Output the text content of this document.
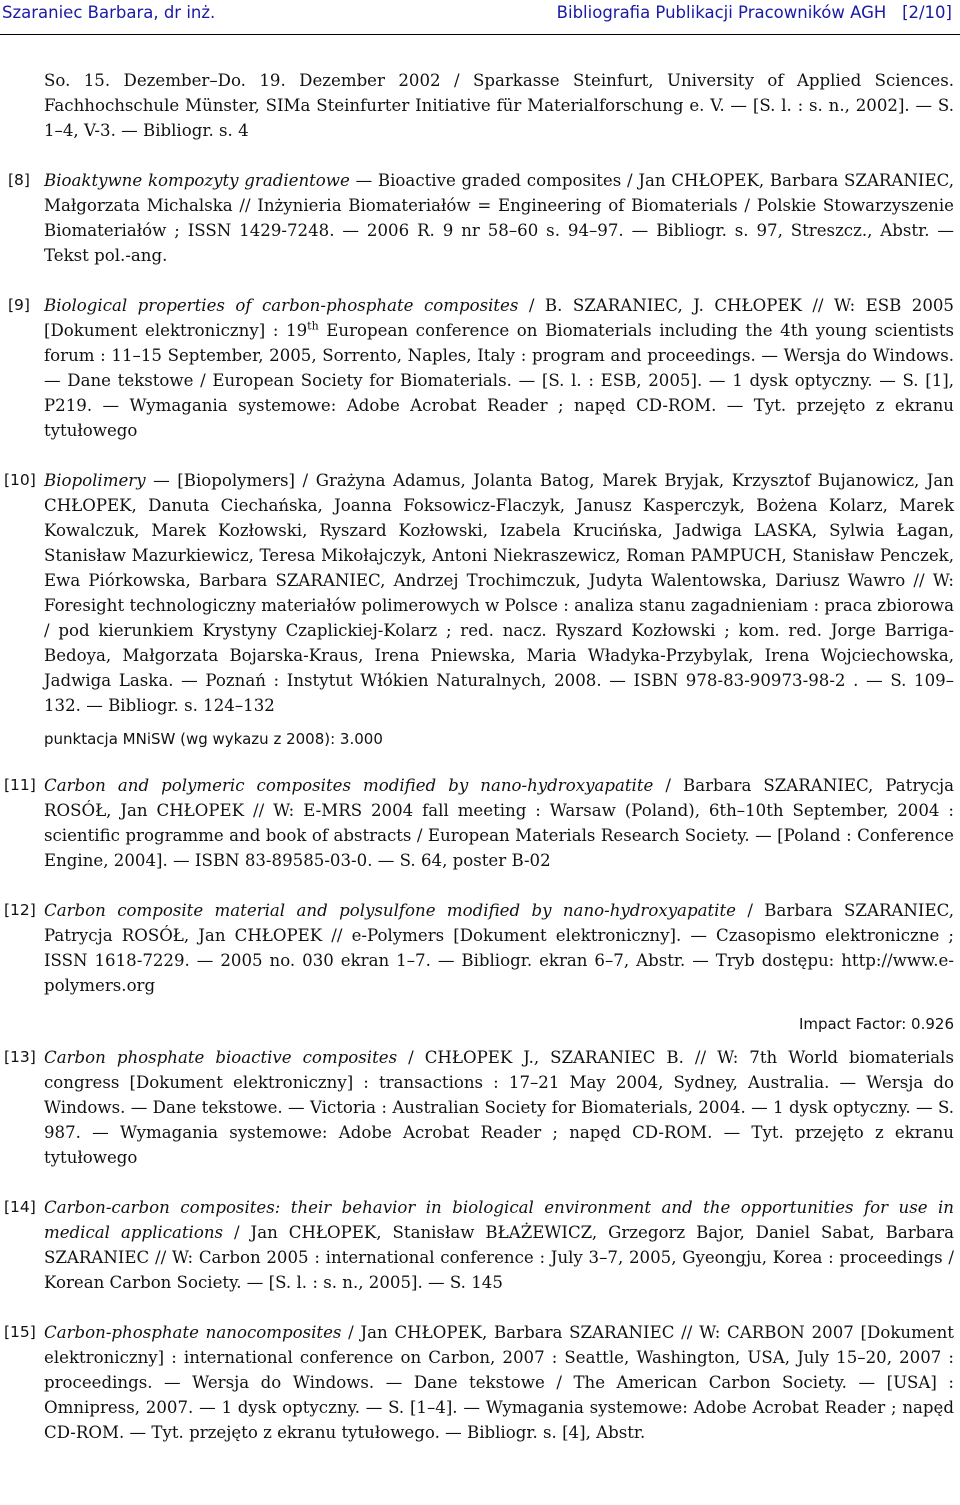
Szaraniec Barbara, dr inż.	Bibliografia Publikacji Pracowników AGH [2/10]
So. 15. Dezember–Do. 19. Dezember 2002 / Sparkasse Steinfurt, University of Applied Sciences. Fachhochschule Münster, SIMa Steinfurter Initiative für Materialforschung e. V. — [S. l. : s. n., 2002]. — S. 1–4, V-3. — Bibliogr. s. 4
[8] Bioaktywne kompozyty gradientowe — Bioactive graded composites / Jan CHŁOPEK, Barbara SZARANIEC, Małgorzata Michalska // Inżynieria Biomateriałów = Engineering of Biomaterials / Polskie Stowarzyszenie Biomateriałów ; ISSN 1429-7248. — 2006 R. 9 nr 58–60 s. 94–97. — Bibliogr. s. 97, Streszcz., Abstr. — Tekst pol.-ang.
[9] Biological properties of carbon-phosphate composites / B. SZARANIEC, J. CHŁOPEK // W: ESB 2005 [Dokument elektroniczny] : 19th European conference on Biomaterials including the 4th young scientists forum : 11–15 September, 2005, Sorrento, Naples, Italy : program and proceedings. — Wersja do Windows. — Dane tekstowe / European Society for Biomaterials. — [S. l. : ESB, 2005]. — 1 dysk optyczny. — S. [1], P219. — Wymagania systemowe: Adobe Acrobat Reader ; napęd CD-ROM. — Tyt. przejęto z ekranu tytułowego
[10] Biopolimery — [Biopolymers] / Grażyna Adamus, Jolanta Batog, Marek Bryjak, Krzysztof Bujanowicz, Jan CHŁOPEK, Danuta Ciechańska, Joanna Foksowicz-Flaczyk, Janusz Kasperczyk, Bożena Kolarz, Marek Kowalczuk, Marek Kozłowski, Ryszard Kozłowski, Izabela Krucińska, Jadwiga LASKA, Sylwia Łagan, Stanisław Mazurkiewicz, Teresa Mikołajczyk, Antoni Niekraszewicz, Roman PAMPUCH, Stanisław Penczek, Ewa Piórkowska, Barbara SZARANIEC, Andrzej Trochimczuk, Judyta Walentowska, Dariusz Wawro // W: Foresight technologiczny materiałów polimerowych w Polsce : analiza stanu zagadnieniam : praca zbiorowa / pod kierunkiem Krystyny Czaplickiej-Kolarz ; red. nacz. Ryszard Kozłowski ; kom. red. Jorge Barriga-Bedoya, Małgorzata Bojarska-Kraus, Irena Pniewska, Maria Władyka-Przybylak, Irena Wojciechowska, Jadwiga Laska. — Poznań : Instytut Włókien Naturalnych, 2008. — ISBN 978-83-90973-98-2 . — S. 109–132. — Bibliogr. s. 124–132
punktacja MNiSW (wg wykazu z 2008): 3.000
[11] Carbon and polymeric composites modified by nano-hydroxyapatite / Barbara SZARANIEC, Patrycja ROSÓŁ, Jan CHŁOPEK // W: E-MRS 2004 fall meeting : Warsaw (Poland), 6th–10th September, 2004 : scientific programme and book of abstracts / European Materials Research Society. — [Poland : Conference Engine, 2004]. — ISBN 83-89585-03-0. — S. 64, poster B-02
[12] Carbon composite material and polysulfone modified by nano-hydroxyapatite / Barbara SZARANIEC, Patrycja ROSÓŁ, Jan CHŁOPEK // e-Polymers [Dokument elektroniczny]. — Czasopismo elektroniczne ; ISSN 1618-7229. — 2005 no. 030 ekran 1–7. — Bibliogr. ekran 6–7, Abstr. — Tryb dostępu: http://www.e-polymers.org
Impact Factor: 0.926
[13] Carbon phosphate bioactive composites / CHŁOPEK J., SZARANIEC B. // W: 7th World biomaterials congress [Dokument elektroniczny] : transactions : 17–21 May 2004, Sydney, Australia. — Wersja do Windows. — Dane tekstowe. — Victoria : Australian Society for Biomaterials, 2004. — 1 dysk optyczny. — S. 987. — Wymagania systemowe: Adobe Acrobat Reader ; napęd CD-ROM. — Tyt. przejęto z ekranu tytułowego
[14] Carbon-carbon composites: their behavior in biological environment and the opportunities for use in medical applications / Jan CHŁOPEK, Stanisław BŁAŻEWICZ, Grzegorz Bajor, Daniel Sabat, Barbara SZARANIEC // W: Carbon 2005 : international conference : July 3–7, 2005, Gyeongju, Korea : proceedings / Korean Carbon Society. — [S. l. : s. n., 2005]. — S. 145
[15] Carbon-phosphate nanocomposites / Jan CHŁOPEK, Barbara SZARANIEC // W: CARBON 2007 [Dokument elektroniczny] : international conference on Carbon, 2007 : Seattle, Washington, USA, July 15–20, 2007 : proceedings. — Wersja do Windows. — Dane tekstowe / The American Carbon Society. — [USA] : Omnipress, 2007. — 1 dysk optyczny. — S. [1–4]. — Wymagania systemowe: Adobe Acrobat Reader ; napęd CD-ROM. — Tyt. przejęto z ekranu tytułowego. — Bibliogr. s. [4], Abstr.
